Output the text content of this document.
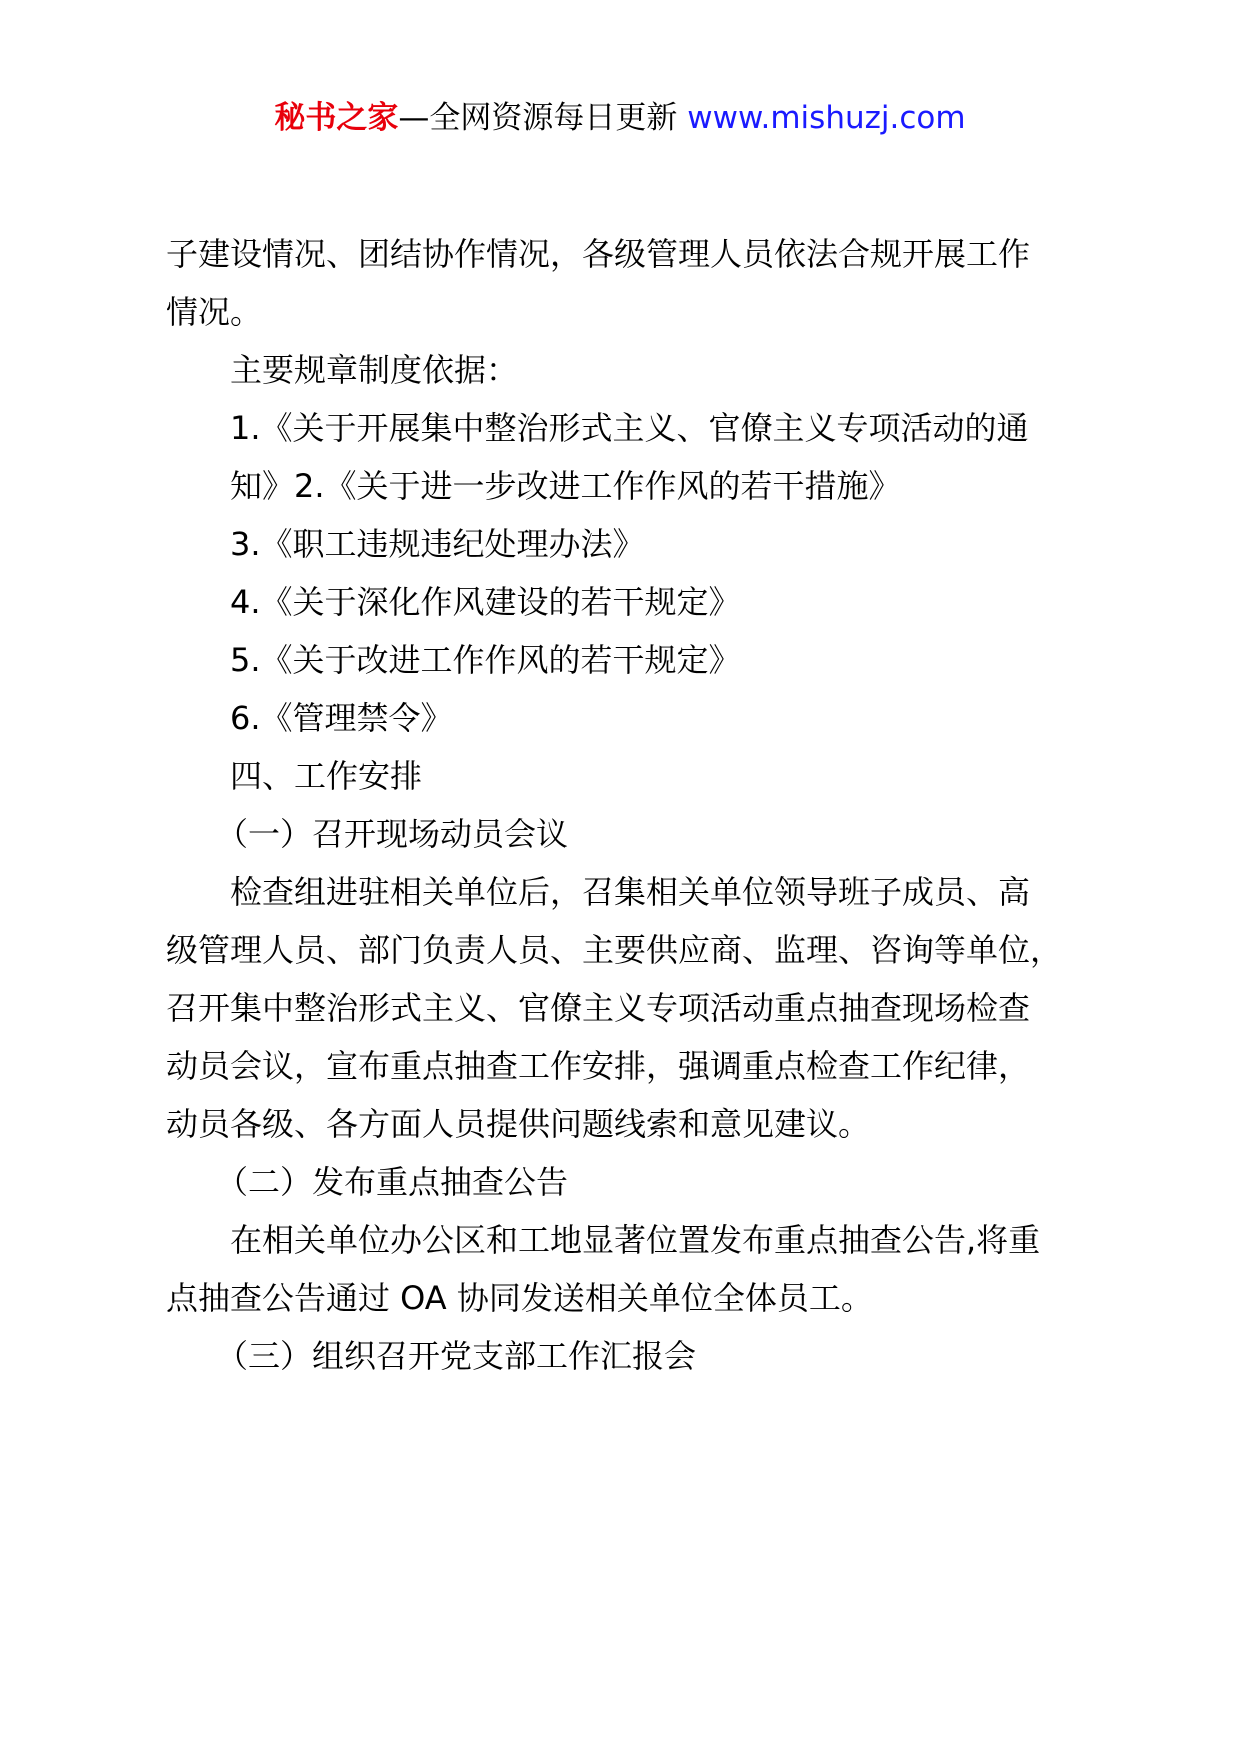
秘书之家—全网资源每日更新 www.mishuzj.com
子建设情况、团结协作情况，各级管理人员依法合规开展工作
情况。
主要规章制度依据：
1.《关于开展集中整治形式主义、官僚主义专项活动的通
知》2.《关于进一步改进工作作风的若干措施》
3.《职工违规违纪处理办法》
4.《关于深化作风建设的若干规定》
5.《关于改进工作作风的若干规定》
6.《管理禁令》
四、工作安排
（一）召开现场动员会议
检查组进驻相关单位后，召集相关单位领导班子成员、高
级管理人员、部门负责人员、主要供应商、监理、咨询等单位，
召开集中整治形式主义、官僚主义专项活动重点抽查现场检查
动员会议，宣布重点抽查工作安排，强调重点检查工作纪律，
动员各级、各方面人员提供问题线索和意见建议。
（二）发布重点抽查公告
在相关单位办公区和工地显著位置发布重点抽查公告,将重
点抽查公告通过 OA 协同发送相关单位全体员工。
（三）组织召开党支部工作汇报会
